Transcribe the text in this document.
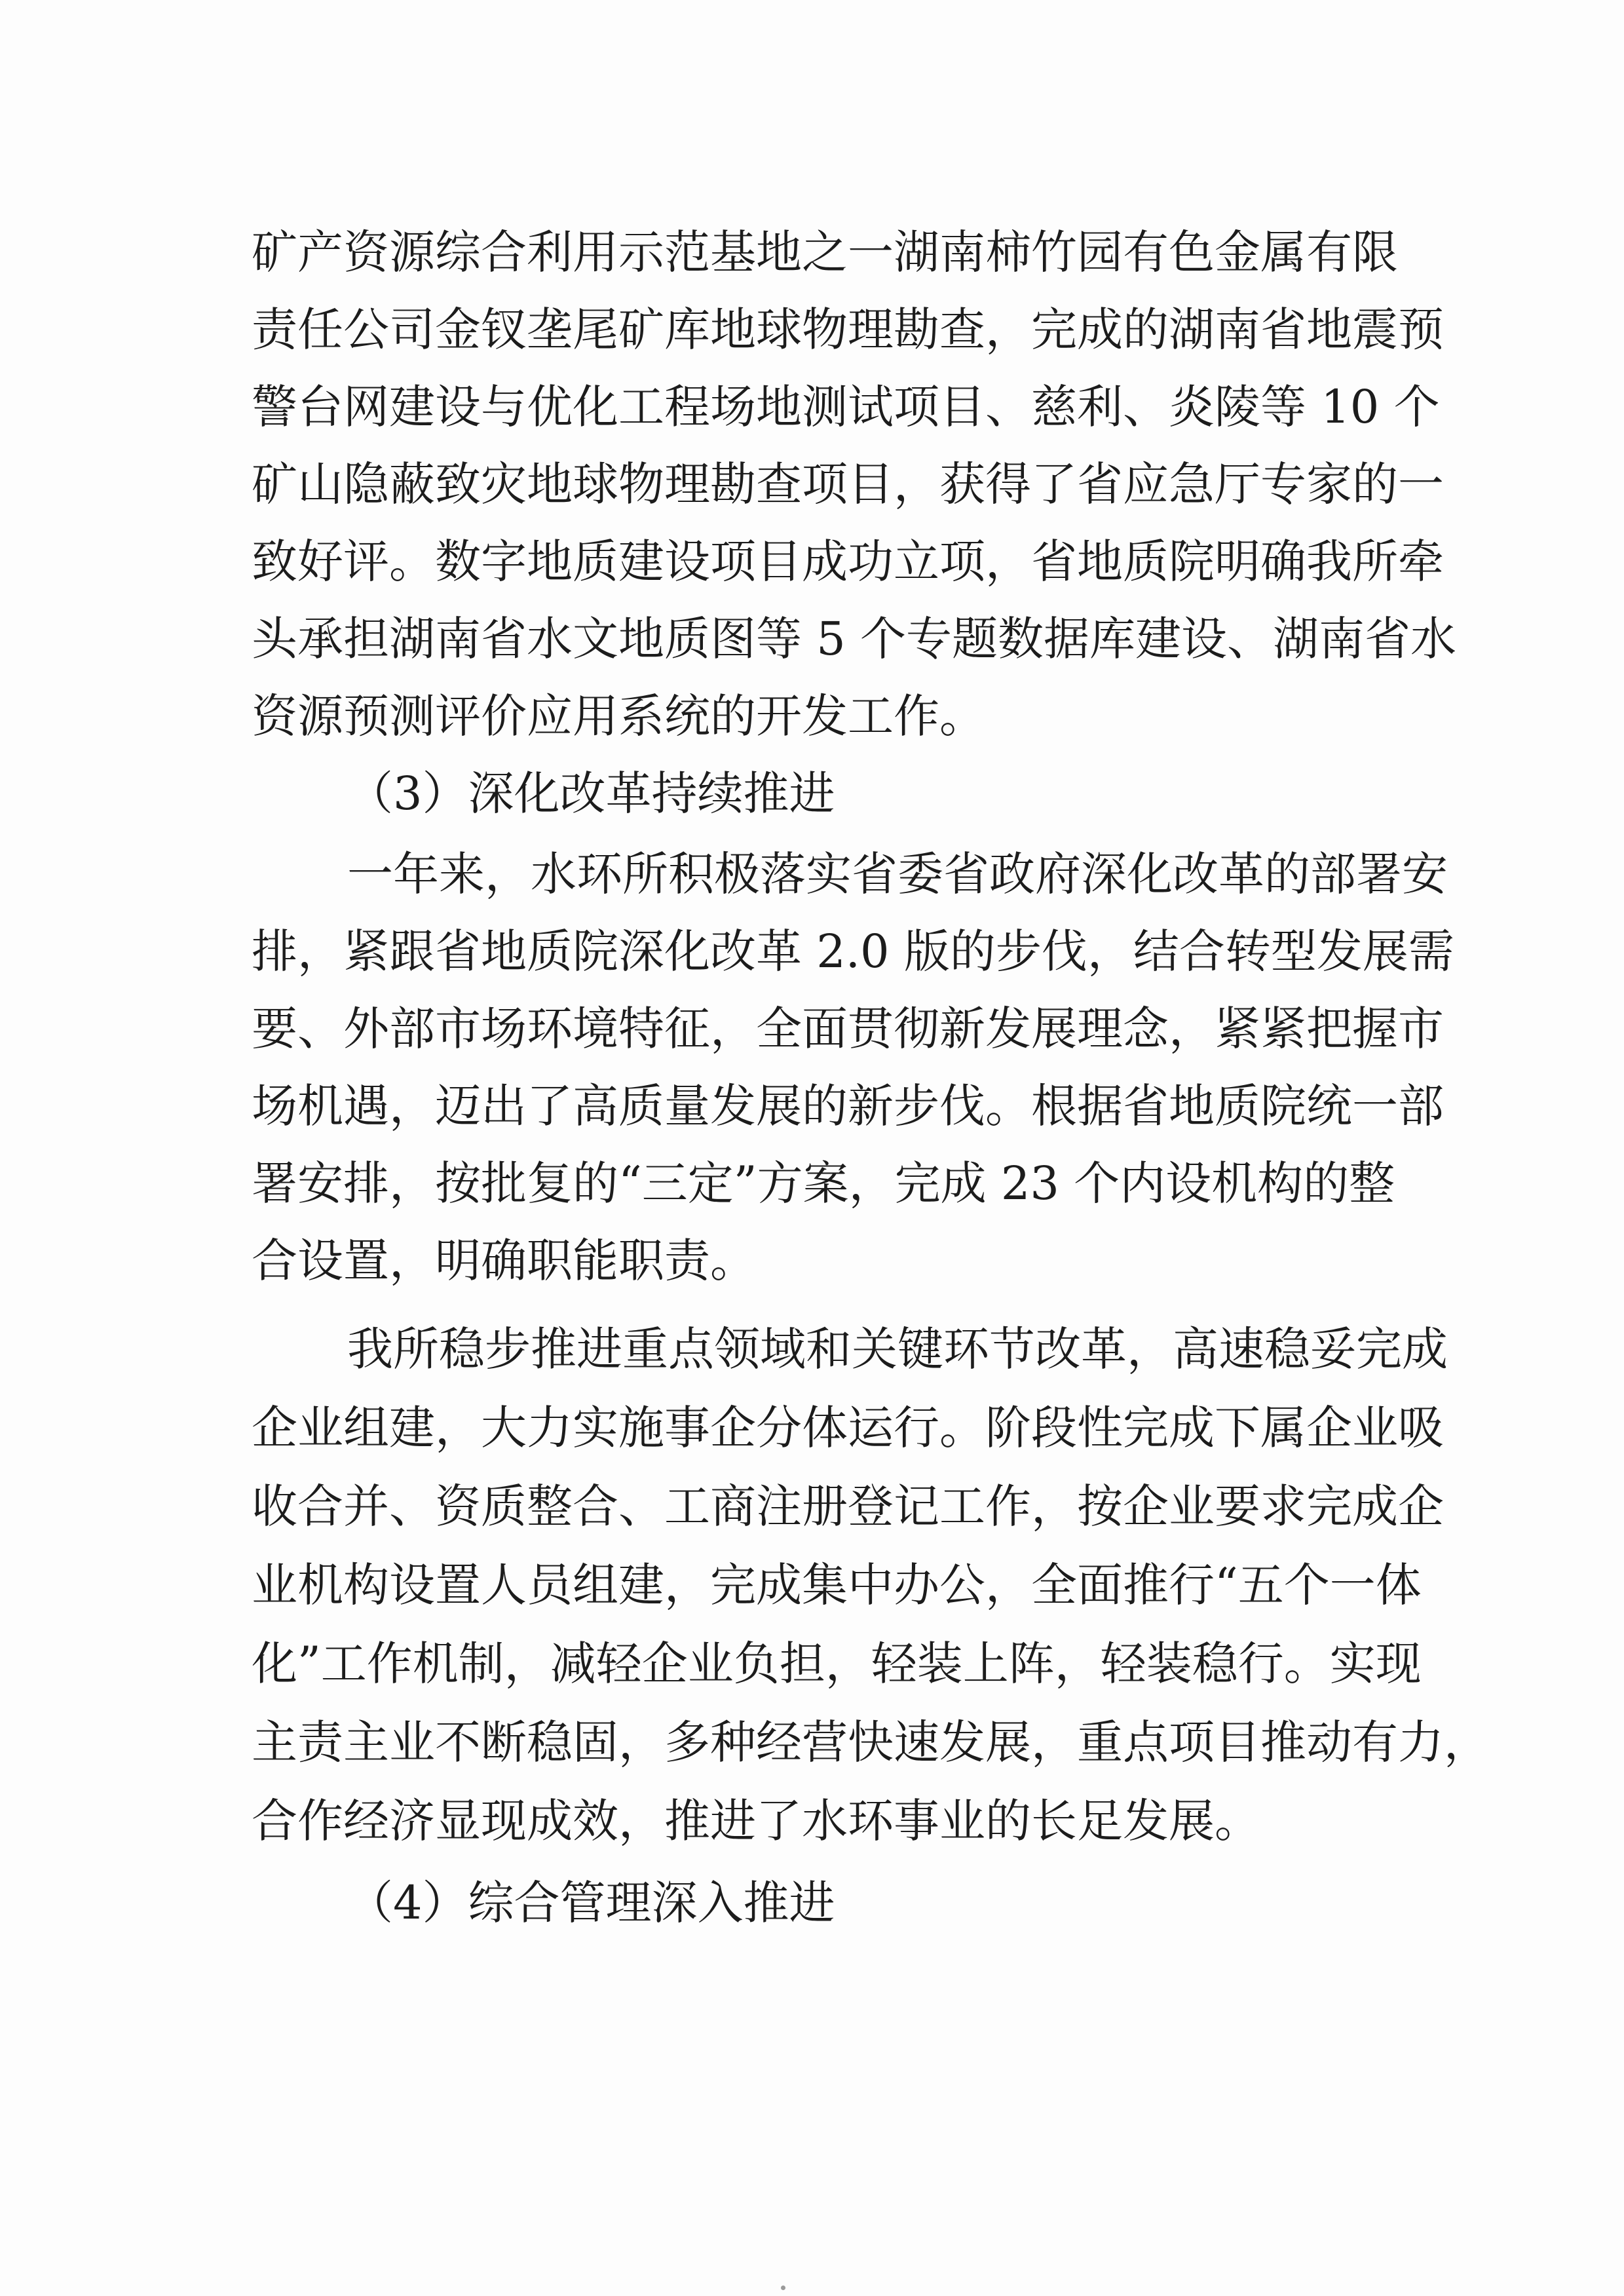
矿产资源综合利用示范基地之一湖南柿竹园有色金属有限
责任公司金钗垄尾矿库地球物理勘查，完成的湖南省地震预
警台网建设与优化工程场地测试项目、慈利、炎陵等 10 个
矿山隐蔽致灾地球物理勘查项目，获得了省应急厅专家的一
致好评。数字地质建设项目成功立项，省地质院明确我所牵
头承担湖南省水文地质图等 5 个专题数据库建设、湖南省水
资源预测评价应用系统的开发工作。
（3）深化改革持续推进
一年来，水环所积极落实省委省政府深化改革的部署安
排，紧跟省地质院深化改革 2.0 版的步伐，结合转型发展需
要、外部市场环境特征，全面贯彻新发展理念，紧紧把握市
场机遇，迈出了高质量发展的新步伐。根据省地质院统一部
署安排，按批复的“三定”方案，完成 23 个内设机构的整
合设置，明确职能职责。
我所稳步推进重点领域和关键环节改革，高速稳妥完成
企业组建，大力实施事企分体运行。阶段性完成下属企业吸
收合并、资质整合、工商注册登记工作，按企业要求完成企
业机构设置人员组建，完成集中办公，全面推行“五个一体
化”工作机制，减轻企业负担，轻装上阵，轻装稳行。实现
主责主业不断稳固，多种经营快速发展，重点项目推动有力，
合作经济显现成效，推进了水环事业的长足发展。
（4）综合管理深入推进
